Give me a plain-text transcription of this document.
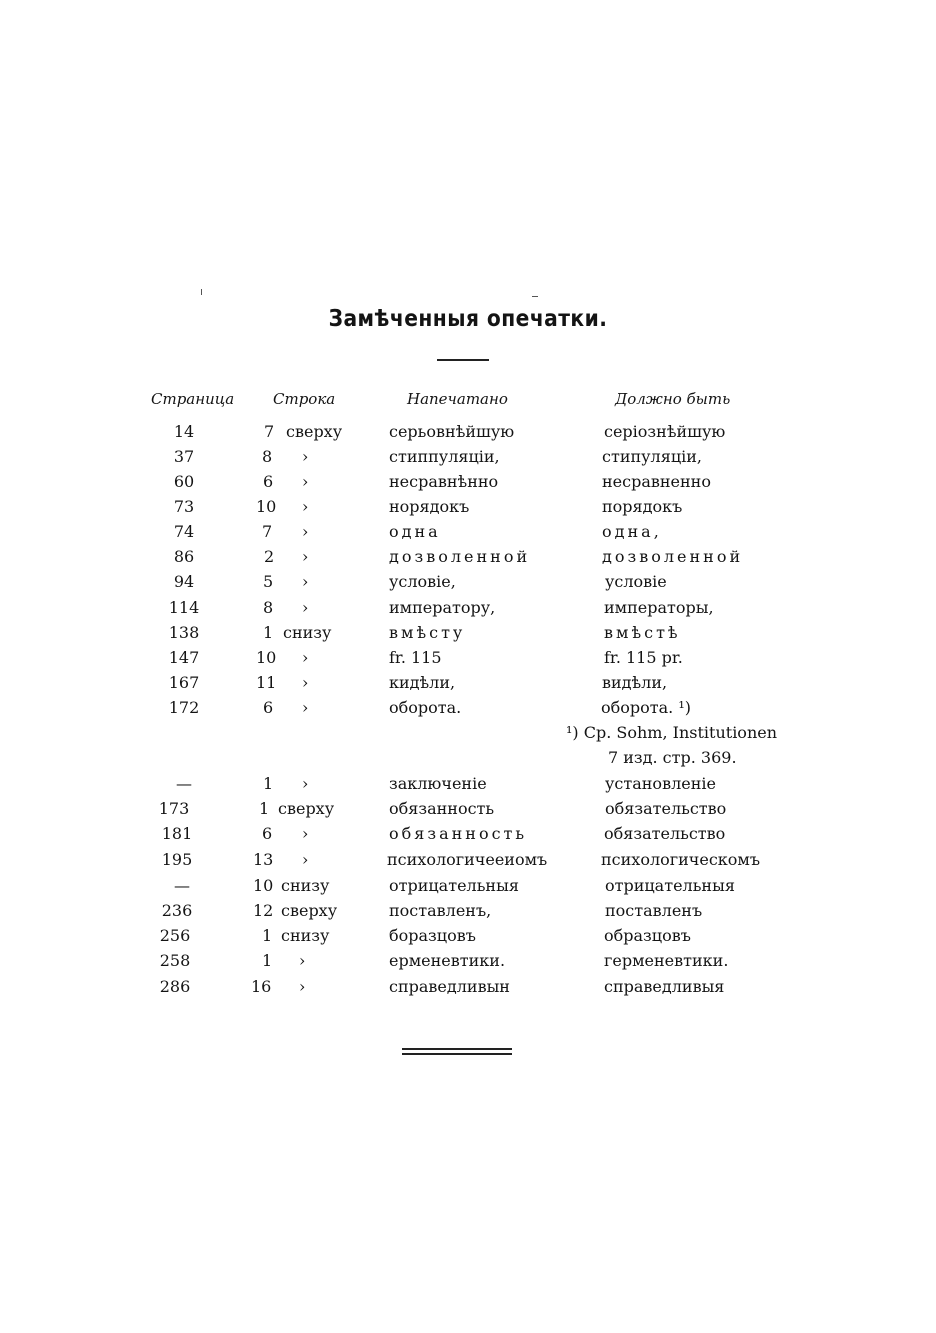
Замѣченныя опечатки.
Страница	Строка	Напечатано	Должно быть
14	7 сверху	серьовнѣйшую	серiознѣйшую
37	8 ›	стиппуляцiи,	стипуляцiи,
60	6 ›	несравнѣнно	несравненно
73	10 ›	норядокъ	порядокъ
74	7 ›	одна	одна,
86	2 ›	дозволенной	дозволенной
94	5 ›	условiе,	условiе
114	8 ›	императору,	императоры,
138	1 снизу	вмѣсту	вмѣстѣ
147	10 ›	fr. 115	fr. 115 pr.
167	11 ›	кидѣли,	видѣли,
172	6 ›	оборота.	оборота. ¹)
¹) Cp. Sohm, Institutionen
7 изд. стр. 369.
—	1 ›	заключенiе	установленiе
173	1 сверху	обязанность	обязательство
181	6 ›	обязанность	обязательство
195	13 ›	психологичееиомъ	психологическомъ
—	10 снизу	отрицательныя	отрицательныя
236	12 сверху	поставленъ,	поставленъ
256	1 снизу	боразцовъ	образцовъ
258	1 ›	ерменевтики.	герменевтики.
286	16 ›	справедливын	справедливыя
